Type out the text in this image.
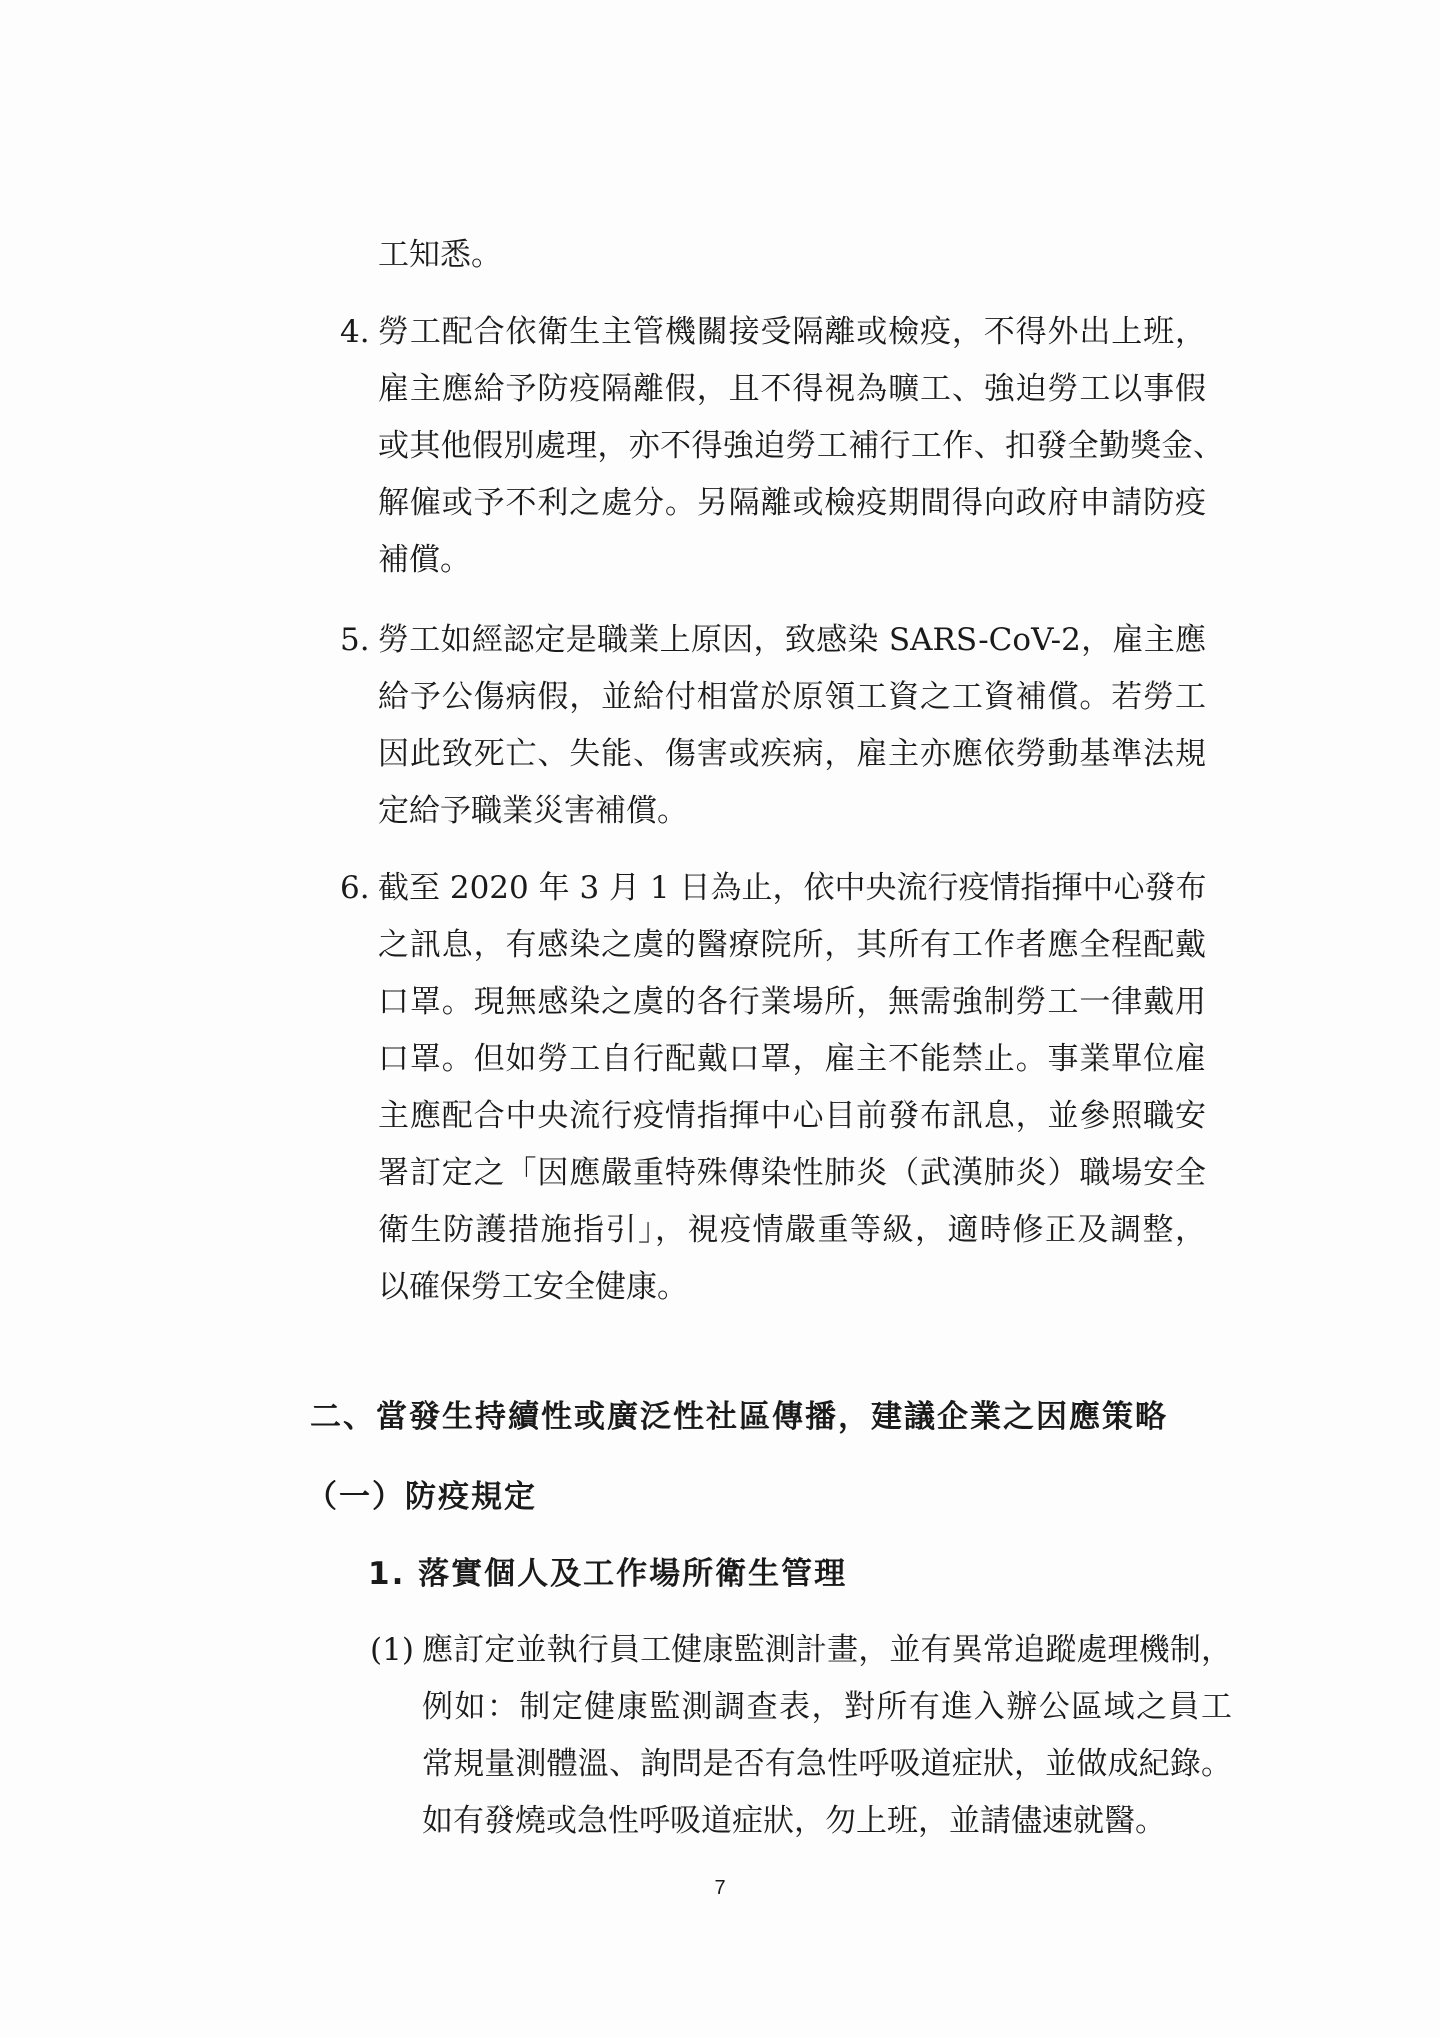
工知悉。
4. 勞工配合依衛生主管機關接受隔離或檢疫，不得外出上班，
雇主應給予防疫隔離假，且不得視為曠工、強迫勞工以事假
或其他假別處理，亦不得強迫勞工補行工作、扣發全勤獎金、
解僱或予不利之處分。另隔離或檢疫期間得向政府申請防疫
補償。
5. 勞工如經認定是職業上原因，致感染 SARS-CoV-2，雇主應
給予公傷病假，並給付相當於原領工資之工資補償。若勞工
因此致死亡、失能、傷害或疾病，雇主亦應依勞動基準法規
定給予職業災害補償。
6. 截至 2020 年 3 月 1 日為止，依中央流行疫情指揮中心發布
之訊息，有感染之虞的醫療院所，其所有工作者應全程配戴
口罩。現無感染之虞的各行業場所，無需強制勞工一律戴用
口罩。但如勞工自行配戴口罩，雇主不能禁止。事業單位雇
主應配合中央流行疫情指揮中心目前發布訊息，並參照職安
署訂定之「因應嚴重特殊傳染性肺炎（武漢肺炎）職場安全
衛生防護措施指引」，視疫情嚴重等級，適時修正及調整，
以確保勞工安全健康。
二、當發生持續性或廣泛性社區傳播，建議企業之因應策略
（一）防疫規定
1. 落實個人及工作場所衛生管理
(1) 應訂定並執行員工健康監測計畫，並有異常追蹤處理機制，
例如：制定健康監測調查表，對所有進入辦公區域之員工
常規量測體溫、詢問是否有急性呼吸道症狀，並做成紀錄。
如有發燒或急性呼吸道症狀，勿上班，並請儘速就醫。
7
